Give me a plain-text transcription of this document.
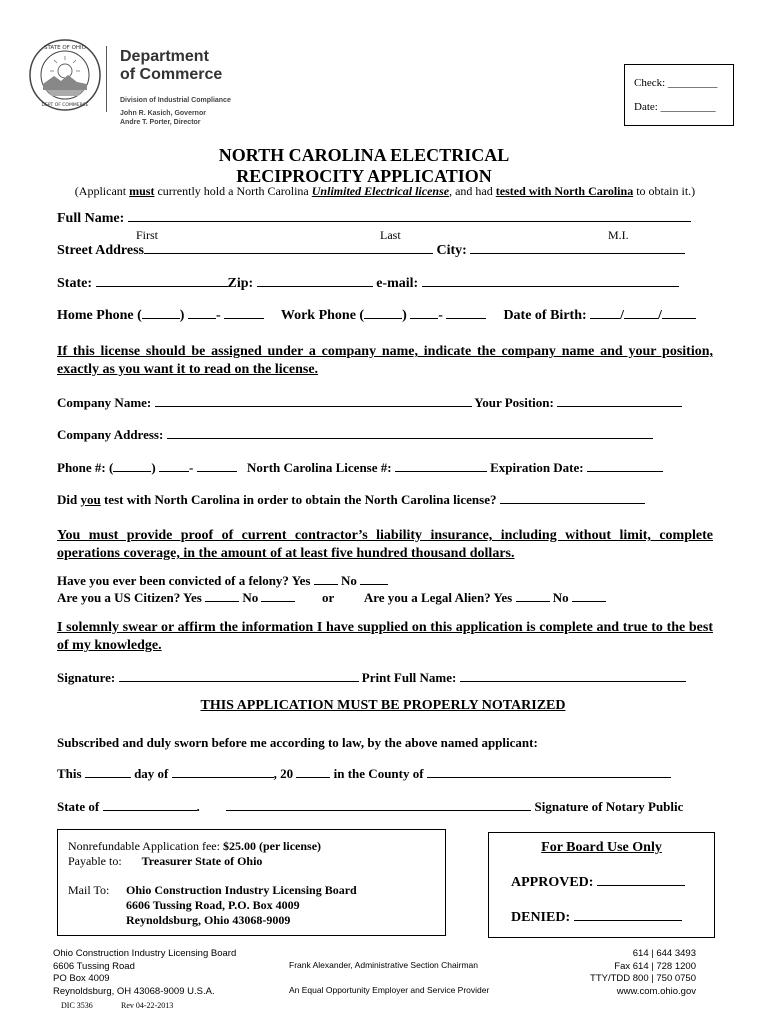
STATE OF OHIO
DEPT OF COMMERCE
Department
of Commerce
Division of Industrial Compliance
John R. Kasich, Governor
Andre T. Porter, Director
Check: _________
Date: __________
NORTH CAROLINA ELECTRICAL
RECIPROCITY APPLICATION
(Applicant must currently hold a North Carolina Unlimited Electrical license, and had tested with North Carolina to obtain it.)
Full Name:
First	Last	M.I.
Street Address	City:
State:	Zip:	e-mail:
Home Phone (	) -	Work Phone (	) -	Date of Birth: / /
If this license should be assigned under a company name, indicate the company name and your position, exactly as you want it to read on the license.
Company Name:	Your Position:
Company Address:
Phone #: (	)	-	North Carolina License #:	Expiration Date:
Did you test with North Carolina in order to obtain the North Carolina license?
You must provide proof of current contractor’s liability insurance, including without limit, complete operations coverage, in the amount of at least five hundred thousand dollars.
Have you ever been convicted of a felony? Yes No
Are you a US Citizen? Yes	No	or Are you a Legal Alien? Yes	No
I solemnly swear or affirm the information I have supplied on this application is complete and true to the best of my knowledge.
Signature:	Print Full Name:
THIS APPLICATION MUST BE PROPERLY NOTARIZED
Subscribed and duly sworn before me according to law, by the above named applicant:
This	day of	, 20	in the County of
State of	.	Signature of Notary Public
Nonrefundable Application fee: $25.00 (per license)
Payable to: Treasurer State of Ohio
Mail To: Ohio Construction Industry Licensing Board
6606 Tussing Road, P.O. Box 4009
Reynoldsburg, Ohio 43068-9009
For Board Use Only
APPROVED:
DENIED:
Ohio Construction Industry Licensing Board
6606 Tussing Road
PO Box 4009
Reynoldsburg, OH 43068-9009 U.S.A.
Frank Alexander, Administrative Section Chairman
An Equal Opportunity Employer and Service Provider
614 | 644 3493
Fax 614 | 728 1200
TTY/TDD 800 | 750 0750
www.com.ohio.gov
DIC 3536	Rev 04-22-2013
